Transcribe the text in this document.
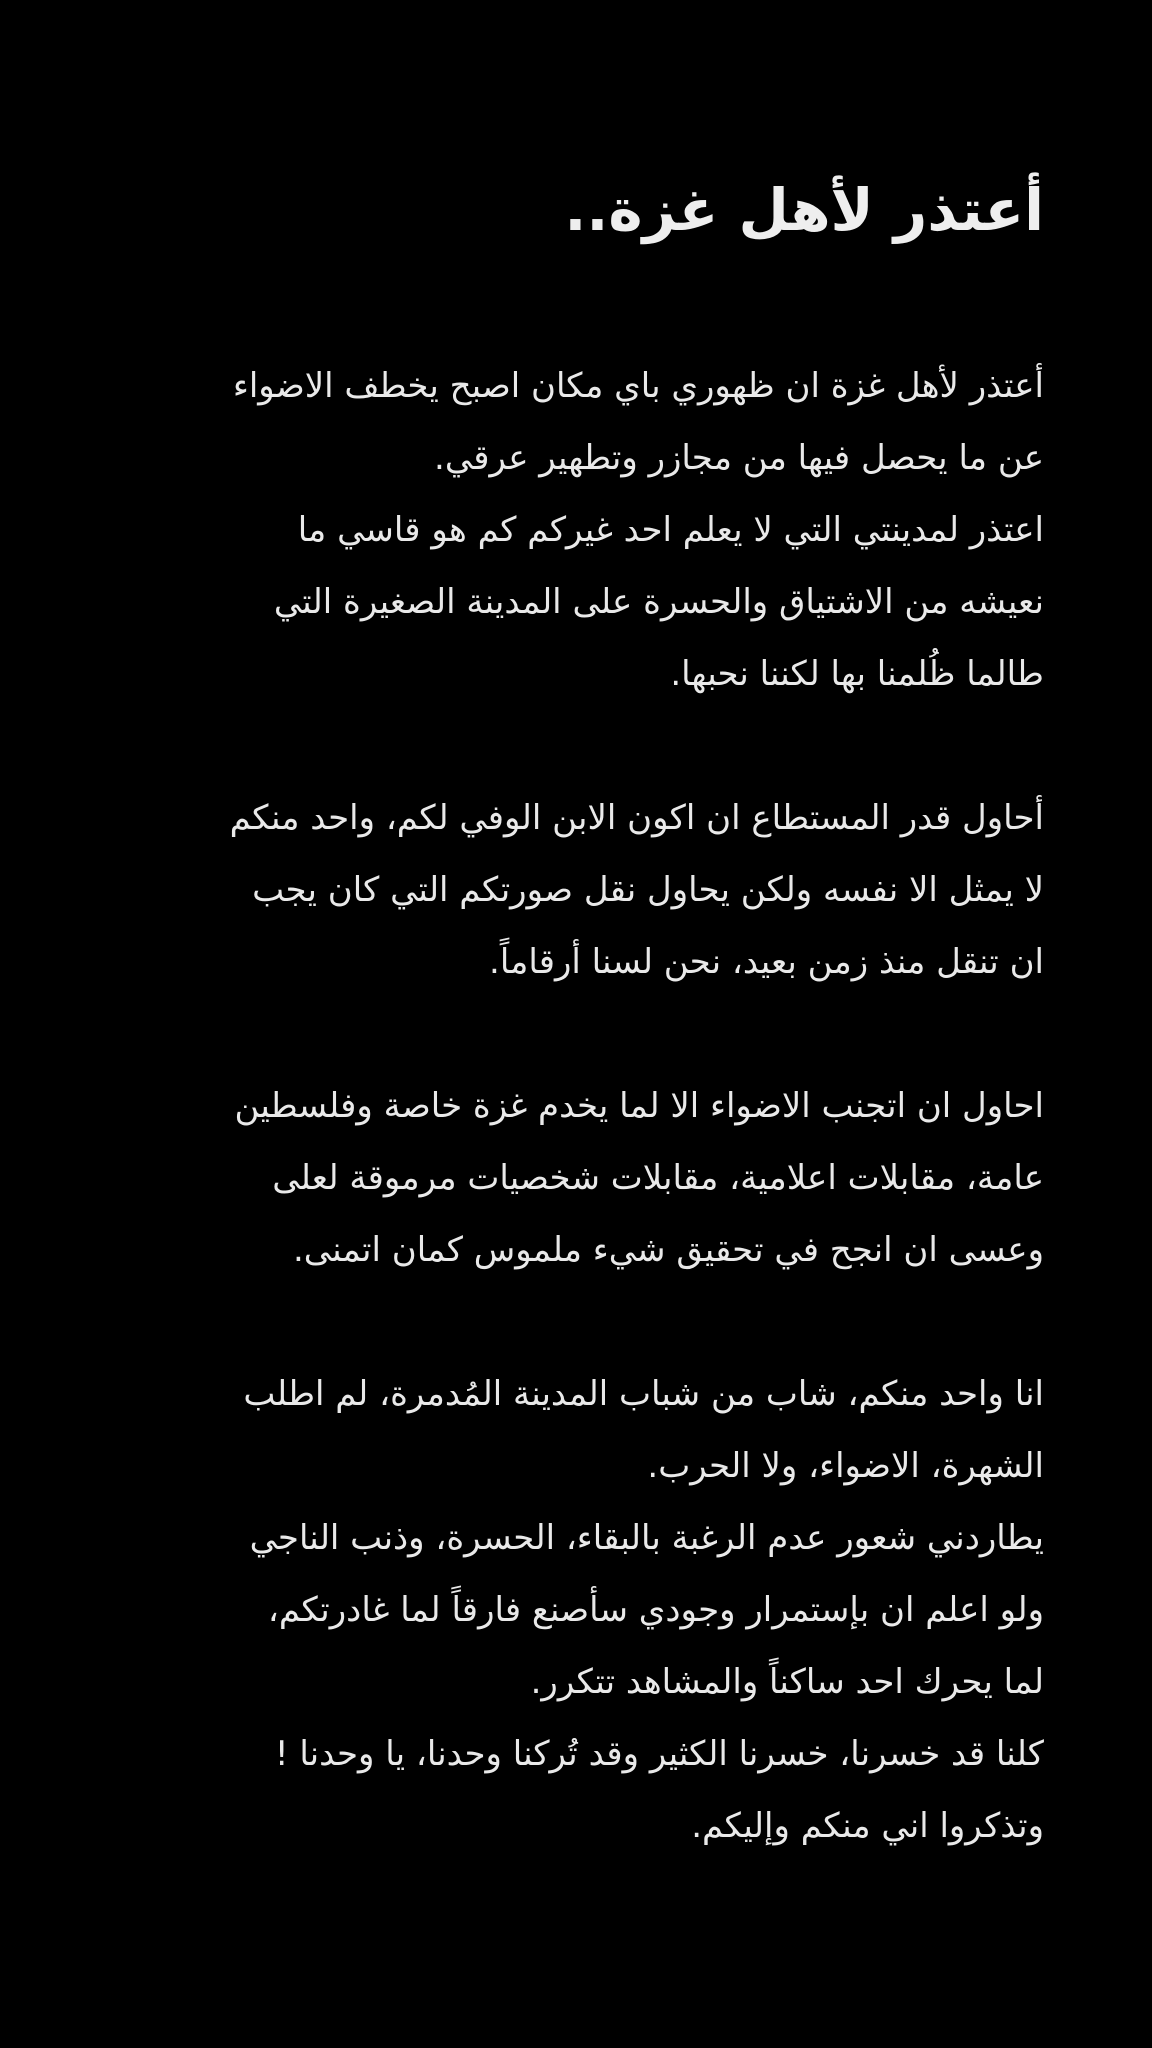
أعتذر لأهل غزة..
أعتذر لأهل غزة ان ظهوري باي مكان اصبح يخطف الاضواء
عن ما يحصل فيها من مجازر وتطهير عرقي.
اعتذر لمدينتي التي لا يعلم احد غيركم كم هو قاسي ما
نعيشه من الاشتياق والحسرة على المدينة الصغيرة التي
طالما ظُلمنا بها لكننا نحبها.
أحاول قدر المستطاع ان اكون الابن الوفي لكم، واحد منكم
لا يمثل الا نفسه ولكن يحاول نقل صورتكم التي كان يجب
ان تنقل منذ زمن بعيد، نحن لسنا أرقاماً.
احاول ان اتجنب الاضواء الا لما يخدم غزة خاصة وفلسطين
عامة، مقابلات اعلامية، مقابلات شخصيات مرموقة لعلى
وعسى ان انجح في تحقيق شيء ملموس كمان اتمنى.
انا واحد منكم، شاب من شباب المدينة المُدمرة، لم اطلب
الشهرة، الاضواء، ولا الحرب.
يطاردني شعور عدم الرغبة بالبقاء، الحسرة، وذنب الناجي
ولو اعلم ان بإستمرار وجودي سأصنع فارقاً لما غادرتكم،
لما يحرك احد ساكناً والمشاهد تتكرر.
كلنا قد خسرنا، خسرنا الكثير وقد تُركنا وحدنا، يا وحدنا !
وتذكروا اني منكم وإليكم.
